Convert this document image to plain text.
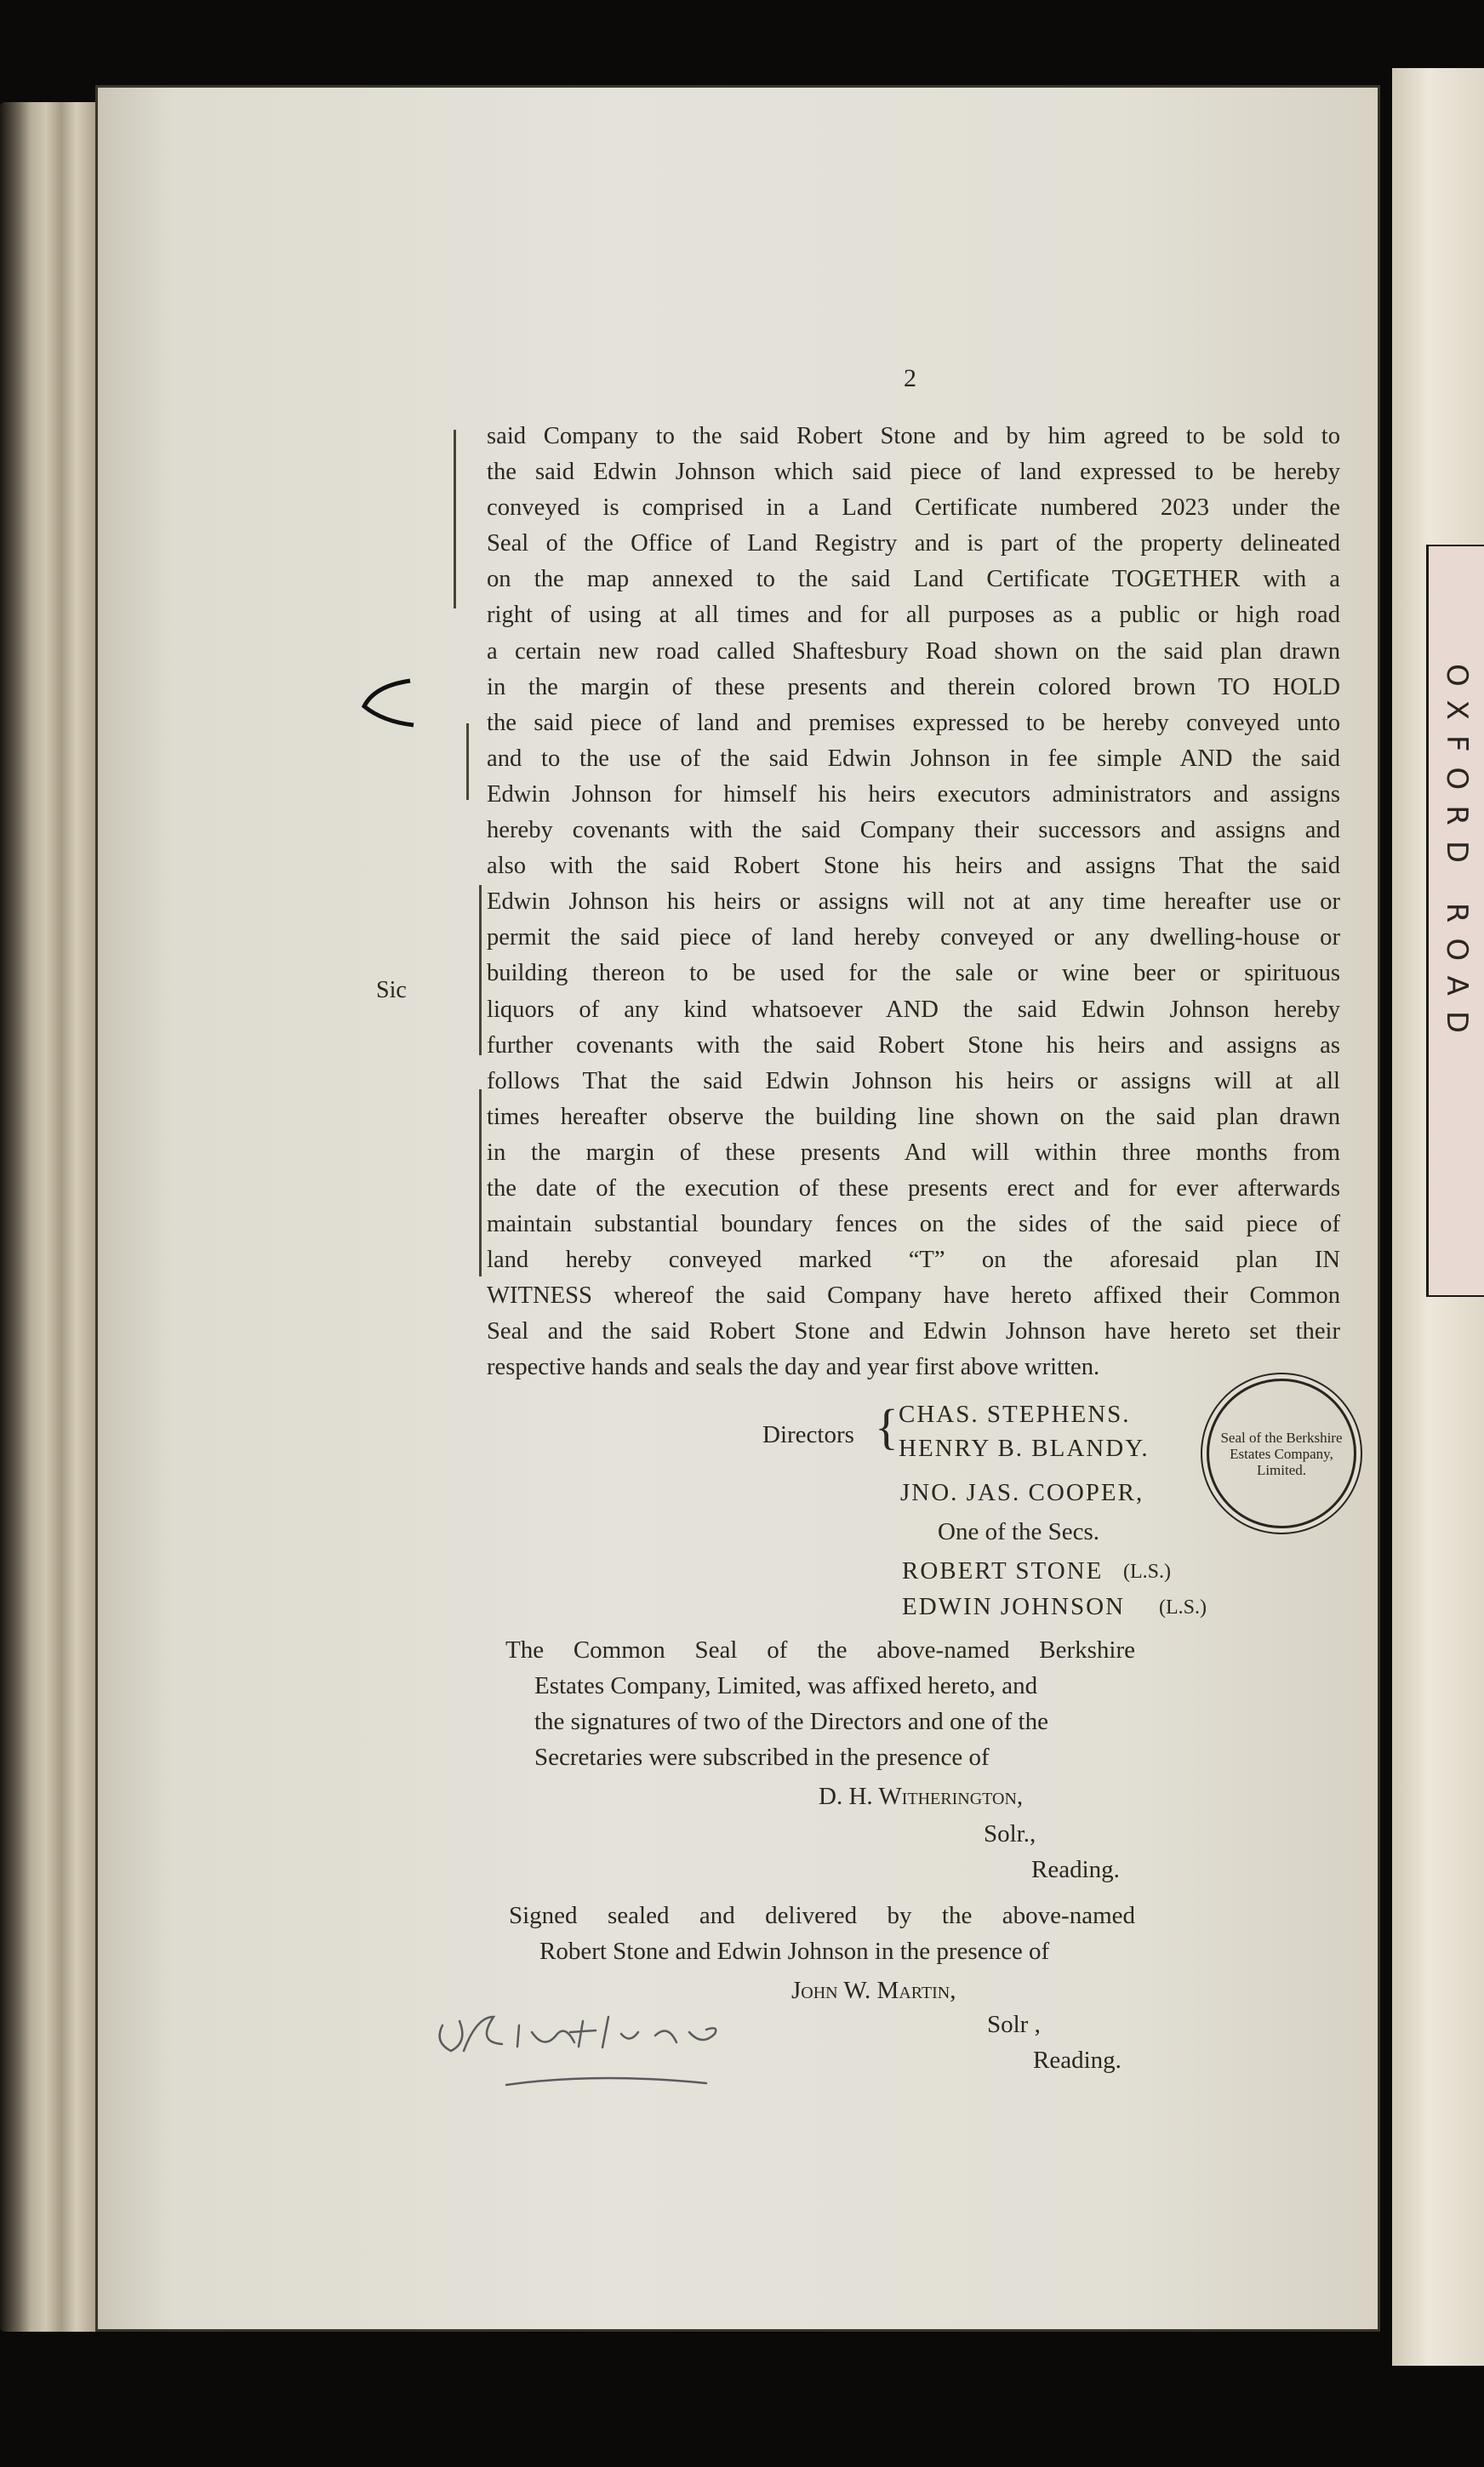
OXFORD ROAD
2
Sic
said Company to the said Robert Stone and by him agreed to be sold to
the said Edwin Johnson which said piece of land expressed to be hereby
conveyed is comprised in a Land Certificate numbered 2023 under the
Seal of the Office of Land Registry and is part of the property delineated
on the map annexed to the said Land Certificate TOGETHER with a
right of using at all times and for all purposes as a public or high road
a certain new road called Shaftesbury Road shown on the said plan drawn
in the margin of these presents and therein colored brown TO HOLD
the said piece of land and premises expressed to be hereby conveyed unto
and to the use of the said Edwin Johnson in fee simple AND the said
Edwin Johnson for himself his heirs executors administrators and assigns
hereby covenants with the said Company their successors and assigns and
also with the said Robert Stone his heirs and assigns That the said
Edwin Johnson his heirs or assigns will not at any time hereafter use or
permit the said piece of land hereby conveyed or any dwelling-house or
building thereon to be used for the sale or wine beer or spirituous
liquors of any kind whatsoever AND the said Edwin Johnson hereby
further covenants with the said Robert Stone his heirs and assigns as
follows That the said Edwin Johnson his heirs or assigns will at all
times hereafter observe the building line shown on the said plan drawn
in the margin of these presents And will within three months from
the date of the execution of these presents erect and for ever afterwards
maintain substantial boundary fences on the sides of the said piece of
land hereby conveyed marked “T” on the aforesaid plan IN
WITNESS whereof the said Company have hereto affixed their Common
Seal and the said Robert Stone and Edwin Johnson have hereto set their
respective hands and seals the day and year first above written.
Directors { CHAS. STEPHENS.
HENRY B. BLANDY.
JNO. JAS. COOPER,
One of the Secs.
ROBERT STONE (L.S.)
EDWIN JOHNSON (L.S.)
Seal of the Berkshire Estates Company, Limited.
The Common Seal of the above-named Berkshire
Estates Company, Limited, was affixed hereto, and
the signatures of two of the Directors and one of the
Secretaries were subscribed in the presence of
D. H. Witherington,
Solr.,
Reading.
Signed sealed and delivered by the above-named
Robert Stone and Edwin Johnson in the presence of
John W. Martin,
Solr ,
Reading.
